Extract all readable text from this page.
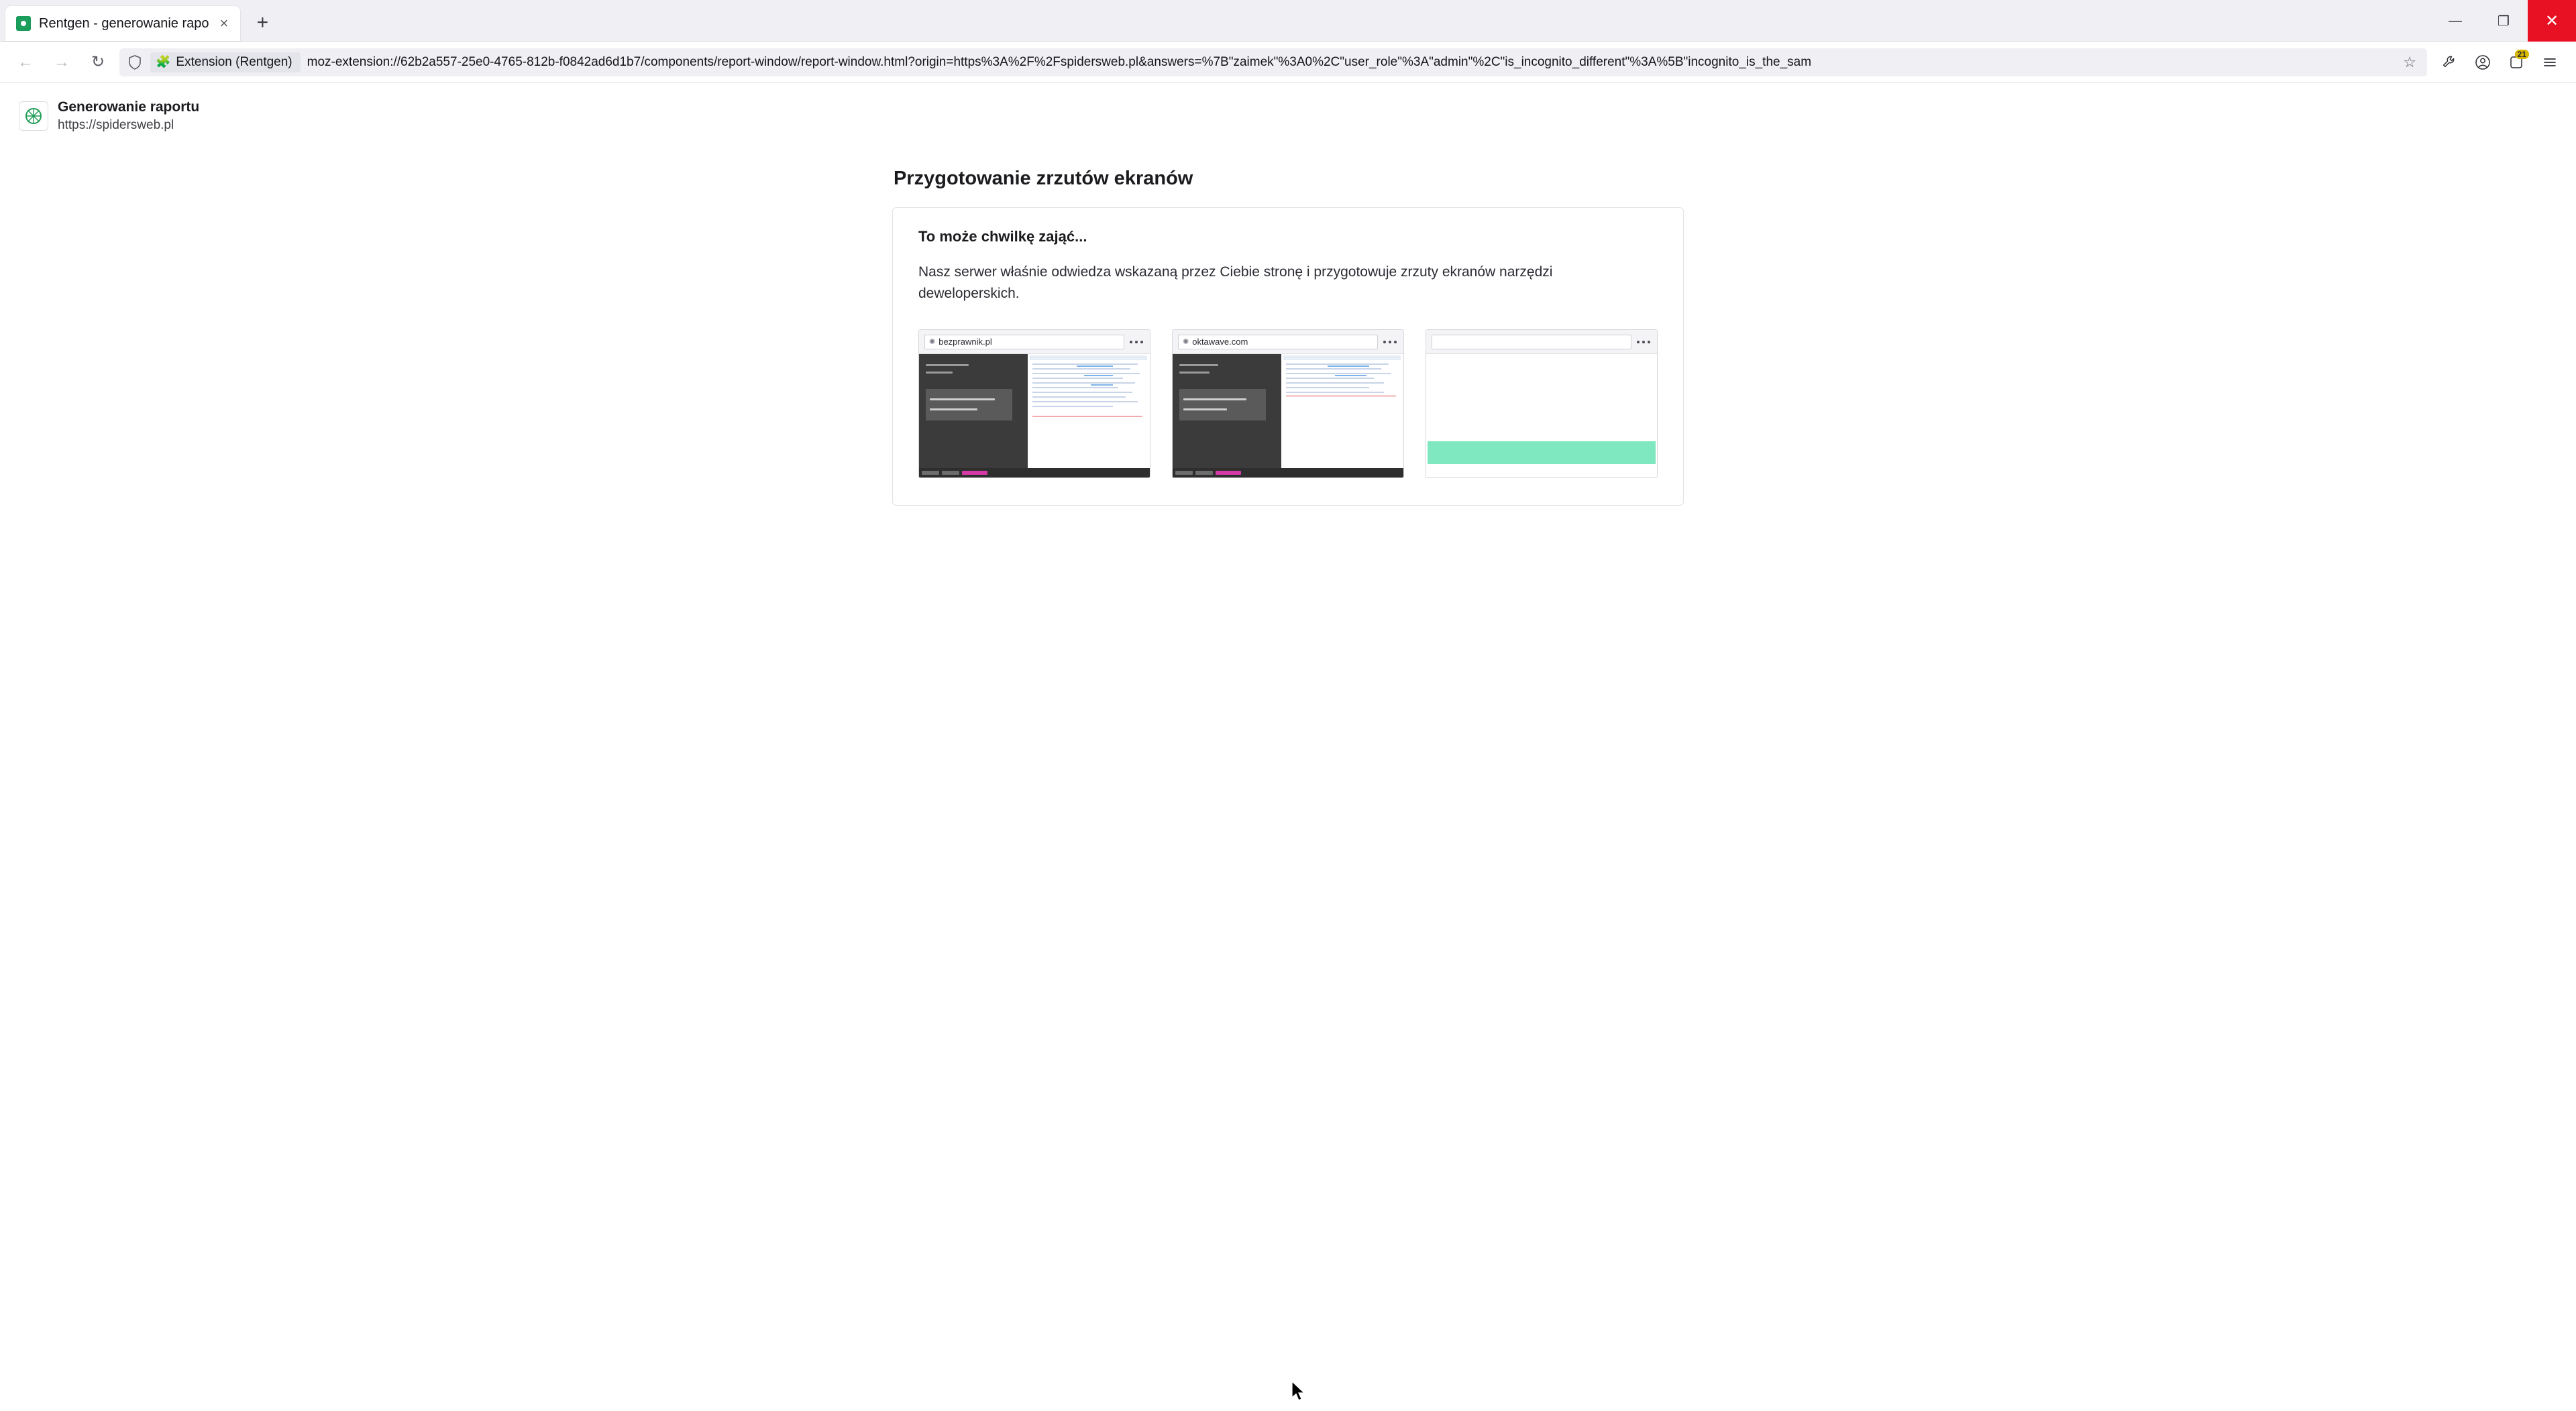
Rentgen - generowanie rapo ×	+	—	❐	✕
←	→	↻	🧩 Extension (Rentgen) moz-extension://62b2a557-25e0-4765-812b-f0842ad6d1b7/components/report-window/report-window.html?origin=https%3A%2F%2Fspidersweb.pl&answers=%7B"zaimek"%3A0%2C"user_role"%3A"admin"%2C"is_incognito_different"%3A%5B"incognito_is_the_sam	☆	21
Generowanie raportu
https://spidersweb.pl
Przygotowanie zrzutów ekranów
To może chwilkę zająć...
Nasz serwer właśnie odwiedza wskazaną przez Ciebie stronę i przygotowuje zrzuty ekranów narzędzi deweloperskich.
✺ bezprawnik.pl	✺ oktawave.com
